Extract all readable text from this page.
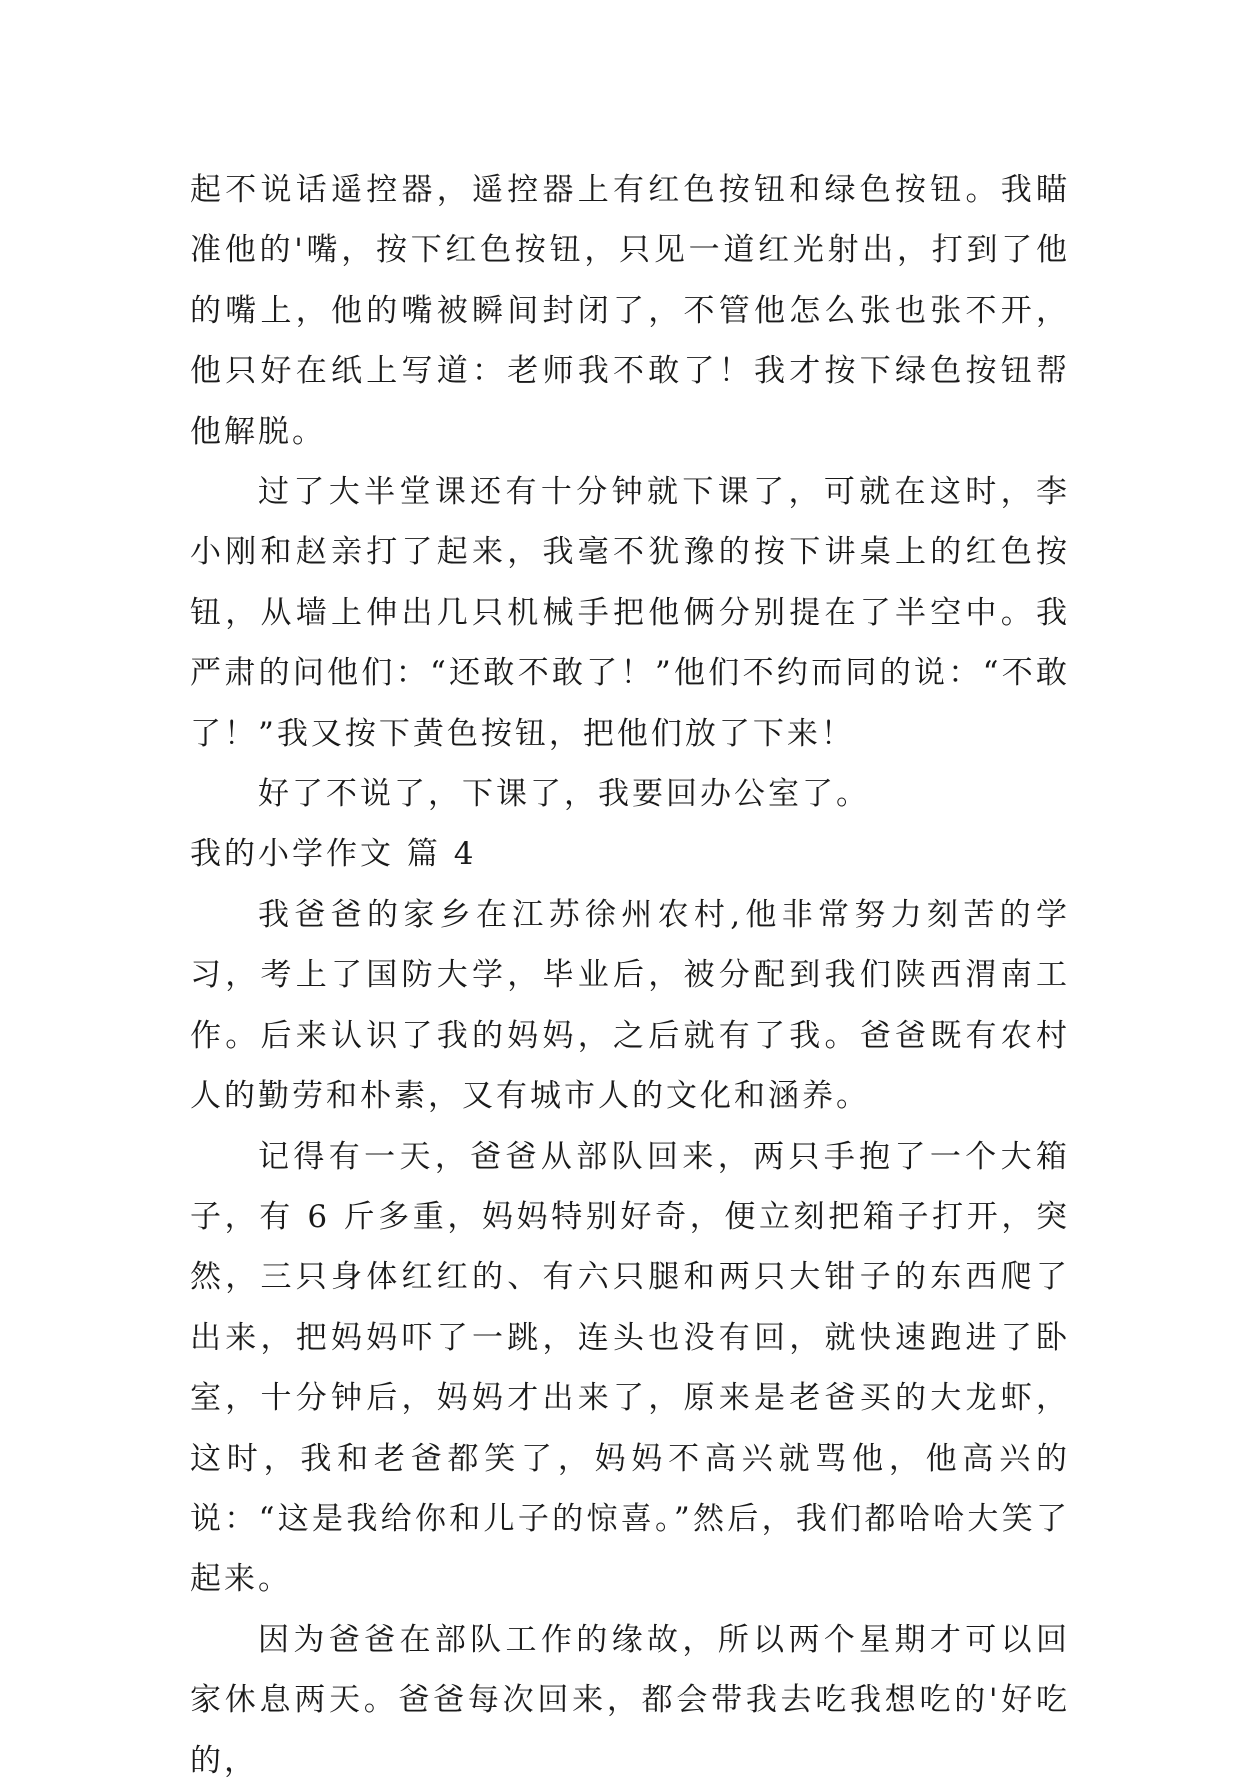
起不说话遥控器，遥控器上有红色按钮和绿色按钮。我瞄准他的'嘴，按下红色按钮，只见一道红光射出，打到了他的嘴上，他的嘴被瞬间封闭了，不管他怎么张也张不开，他只好在纸上写道：老师我不敢了！我才按下绿色按钮帮他解脱。

过了大半堂课还有十分钟就下课了，可就在这时，李小刚和赵亲打了起来，我毫不犹豫的按下讲桌上的红色按钮，从墙上伸出几只机械手把他俩分别提在了半空中。我严肃的问他们：“还敢不敢了！”他们不约而同的说：“不敢了！”我又按下黄色按钮，把他们放了下来！

好了不说了，下课了，我要回办公室了。

我的小学作文 篇 4

我爸爸的家乡在江苏徐州农村,他非常努力刻苦的学习，考上了国防大学，毕业后，被分配到我们陕西渭南工作。后来认识了我的妈妈，之后就有了我。爸爸既有农村人的勤劳和朴素，又有城市人的文化和涵养。

记得有一天，爸爸从部队回来，两只手抱了一个大箱子，有 6 斤多重，妈妈特别好奇，便立刻把箱子打开，突然，三只身体红红的、有六只腿和两只大钳子的东西爬了出来，把妈妈吓了一跳，连头也没有回，就快速跑进了卧室，十分钟后，妈妈才出来了，原来是老爸买的大龙虾，这时，我和老爸都笑了，妈妈不高兴就骂他，他高兴的说：“这是我给你和儿子的惊喜。”然后，我们都哈哈大笑了起来。

因为爸爸在部队工作的缘故，所以两个星期才可以回家休息两天。爸爸每次回来，都会带我去吃我想吃的'好吃的，
